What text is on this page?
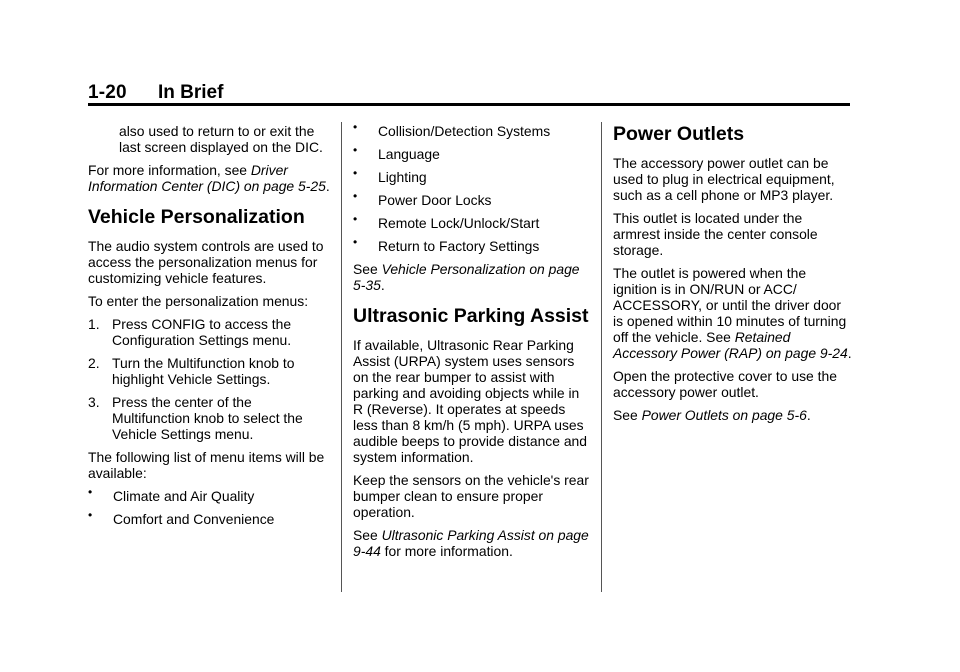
1-20 In Brief

also used to return to or exit the last screen displayed on the DIC.

For more information, see Driver Information Center (DIC) on page 5-25.

Vehicle Personalization

The audio system controls are used to access the personalization menus for customizing vehicle features.

To enter the personalization menus:

1. Press CONFIG to access the Configuration Settings menu.
2. Turn the Multifunction knob to highlight Vehicle Settings.
3. Press the center of the Multifunction knob to select the Vehicle Settings menu.

The following list of menu items will be available:

• Climate and Air Quality
• Comfort and Convenience
• Collision/Detection Systems
• Language
• Lighting
• Power Door Locks
• Remote Lock/Unlock/Start
• Return to Factory Settings

See Vehicle Personalization on page 5-35.

Ultrasonic Parking Assist

If available, Ultrasonic Rear Parking Assist (URPA) system uses sensors on the rear bumper to assist with parking and avoiding objects while in R (Reverse). It operates at speeds less than 8 km/h (5 mph). URPA uses audible beeps to provide distance and system information.

Keep the sensors on the vehicle's rear bumper clean to ensure proper operation.

See Ultrasonic Parking Assist on page 9-44 for more information.

Power Outlets

The accessory power outlet can be used to plug in electrical equipment, such as a cell phone or MP3 player.

This outlet is located under the armrest inside the center console storage.

The outlet is powered when the ignition is in ON/RUN or ACC/ ACCESSORY, or until the driver door is opened within 10 minutes of turning off the vehicle. See Retained Accessory Power (RAP) on page 9-24.

Open the protective cover to use the accessory power outlet.

See Power Outlets on page 5-6.
